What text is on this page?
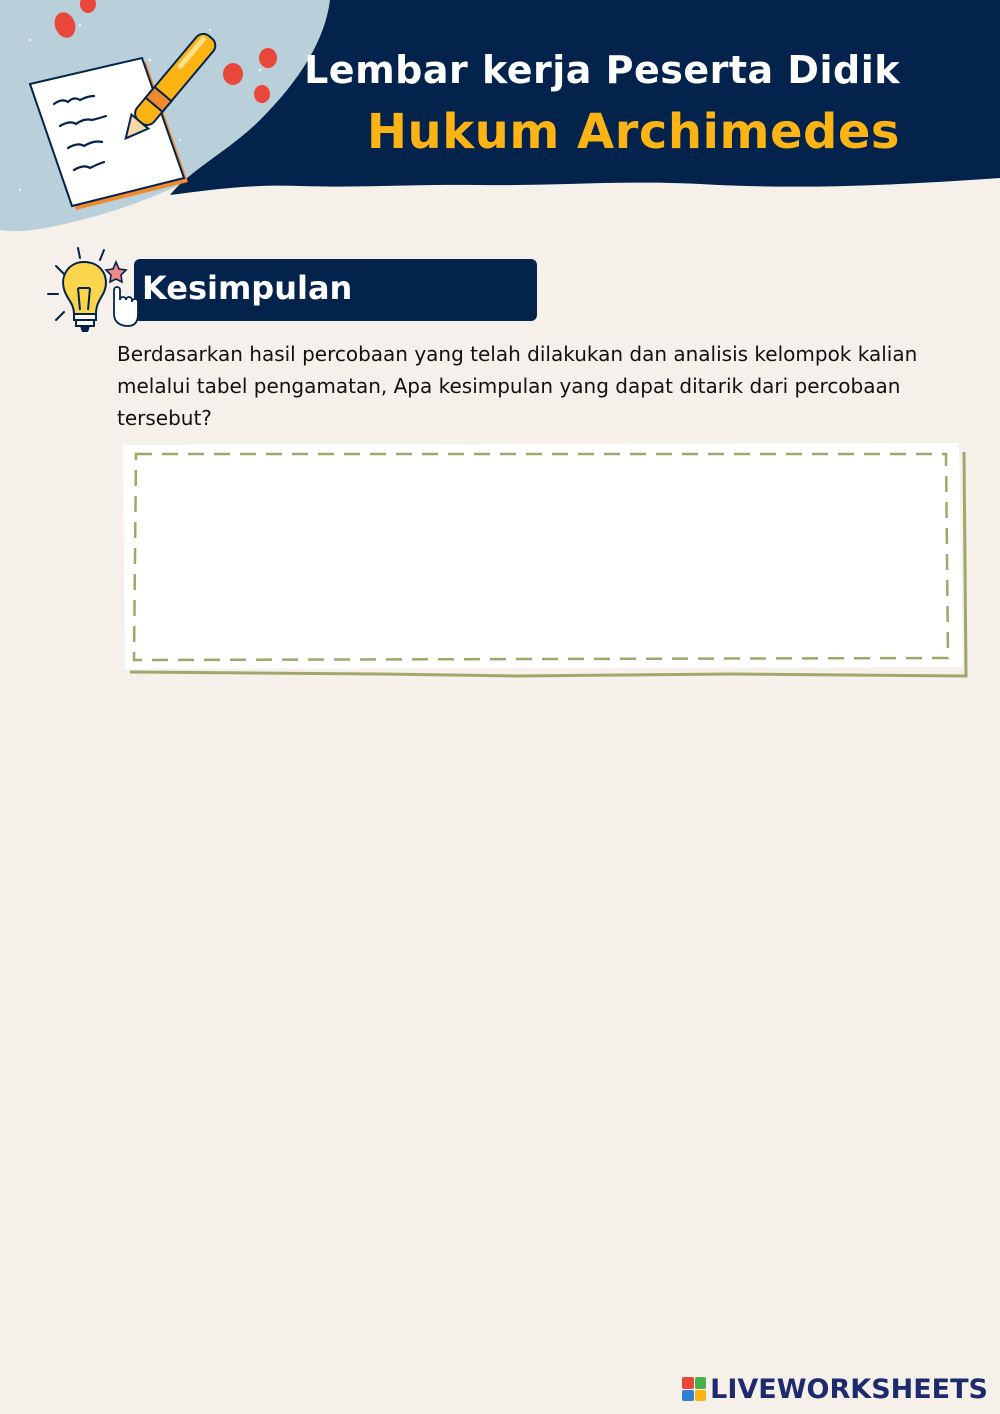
Lembar kerja Peserta Didik
Hukum Archimedes
Kesimpulan
Berdasarkan hasil percobaan yang telah dilakukan dan analisis kelompok kalian melalui tabel pengamatan, Apa kesimpulan yang dapat ditarik dari percobaan tersebut?
LIVEWORKSHEETS
